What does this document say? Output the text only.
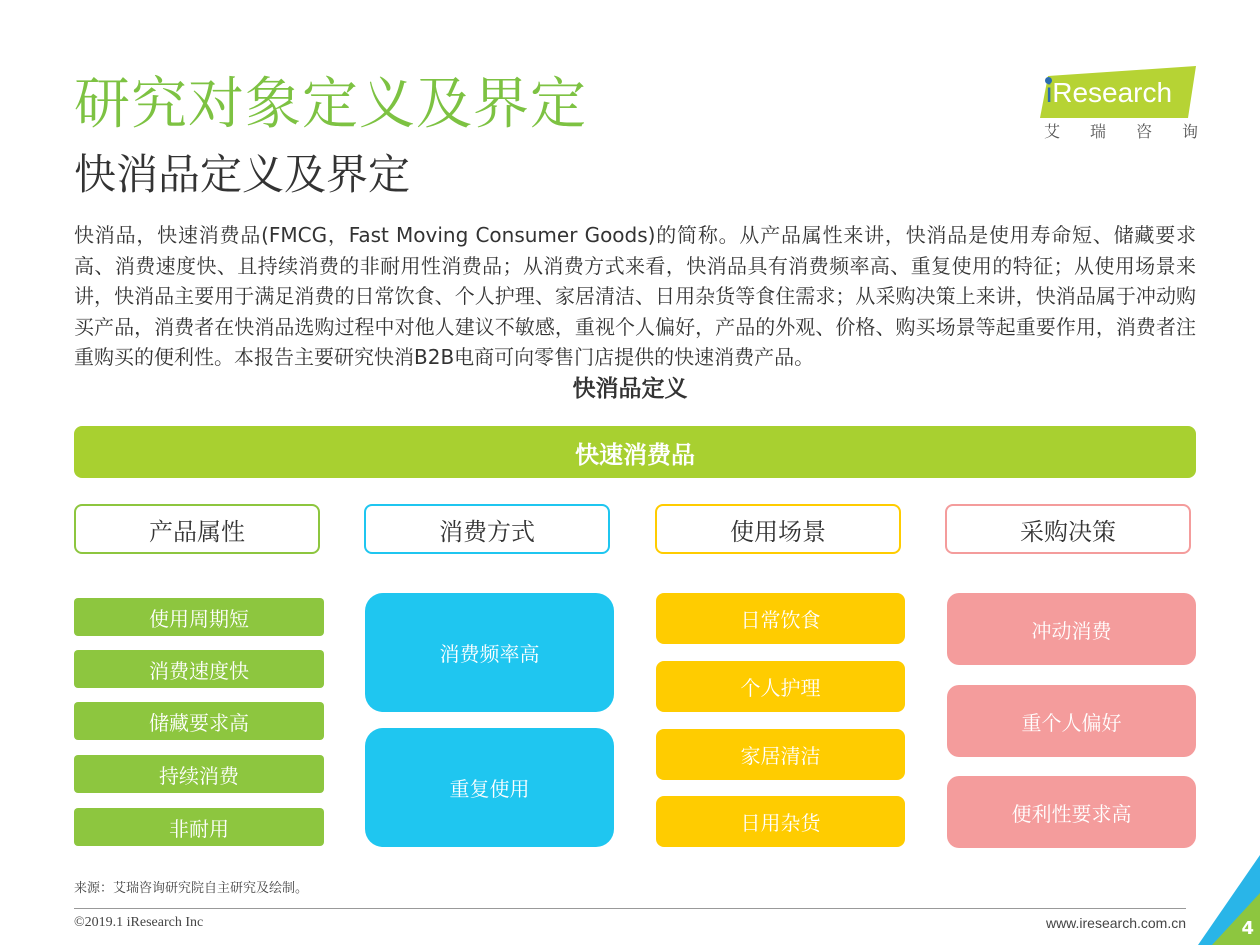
研究对象定义及界定
快消品定义及界定
iResearch
艾瑞咨询
快消品，快速消费品(FMCG，Fast Moving Consumer Goods)的简称。从产品属性来讲，快消品是使用寿命短、储藏要求高、消费速度快、且持续消费的非耐用性消费品；从消费方式来看，快消品具有消费频率高、重复使用的特征；从使用场景来讲，快消品主要用于满足消费的日常饮食、个人护理、家居清洁、日用杂货等食住需求；从采购决策上来讲，快消品属于冲动购买产品，消费者在快消品选购过程中对他人建议不敏感，重视个人偏好，产品的外观、价格、购买场景等起重要作用，消费者注重购买的便利性。本报告主要研究快消B2B电商可向零售门店提供的快速消费产品。
快消品定义
快速消费品
产品属性	消费方式	使用场景	采购决策
使用周期短
消费速度快
储藏要求高
持续消费
非耐用
消费频率高
重复使用
日常饮食
个人护理
家居清洁
日用杂货
冲动消费
重个人偏好
便利性要求高
来源：艾瑞咨询研究院自主研究及绘制。
©2019.1 iResearch Inc	www.iresearch.com.cn	4
